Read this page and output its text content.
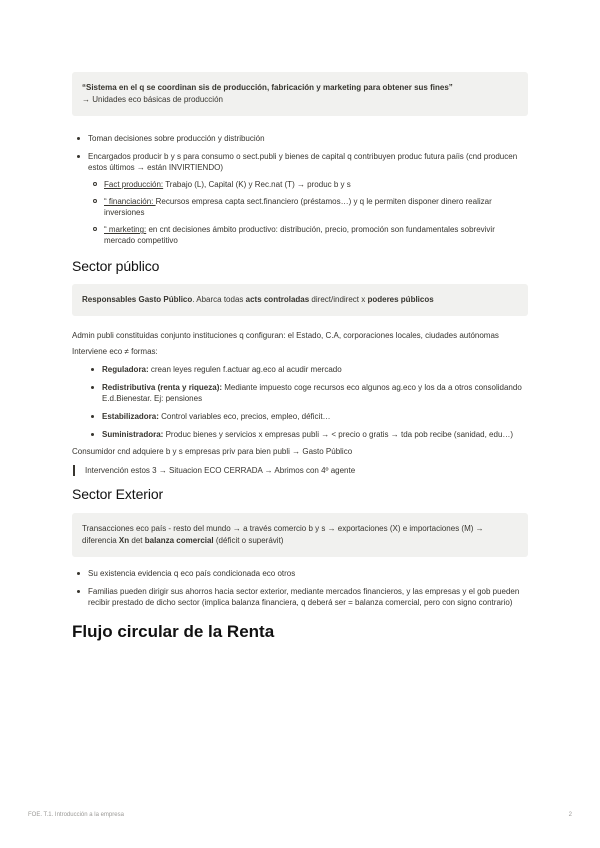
“Sistema en el q se coordinan sis de producción, fabricación y marketing para obtener sus fines”
→ Unidades eco básicas de producción
Toman decisiones sobre producción y distribución
Encargados producir b y s para consumo o sect.publi y bienes de capital q contribuyen produc futura paíis (cnd producen estos últimos → están INVIRTIENDO)
Fact producción: Trabajo (L), Capital (K) y Rec.nat (T) → produc b y s
“ financiación: Recursos empresa capta sect.financiero (préstamos…) y q le permiten disponer dinero realizar inversiones
“ marketing: en cnt decisiones ámbito productivo: distribución, precio, promoción son fundamentales sobrevivir mercado competitivo
Sector público
Responsables Gasto Público. Abarca todas acts controladas direct/indirect x poderes públicos

Admin publi constituidas conjunto instituciones q configuran: el Estado, C.A, corporaciones locales, ciudades autónomas

Interviene eco ≠ formas:

Reguladora: crean leyes regulen f.actuar ag.eco al acudir mercado
Redistributiva (renta y riqueza): Mediante impuesto coge recursos eco algunos ag.eco y los da a otros consolidando E.d.Bienestar. Ej: pensiones
Estabilizadora: Control variables eco, precios, empleo, déficit…
Suministradora: Produc bienes y servicios x empresas publi → < precio o gratis → tda pob recibe (sanidad, edu…)

Consumidor cnd adquiere b y s empresas priv para bien publi → Gasto Público

Intervención estos 3 → Situacion ECO CERRADA → Abrimos con 4º agente
Sector Exterior
Transacciones eco país - resto del mundo → a través comercio b y s → exportaciones (X) e importaciones (M) → diferencia Xn det balanza comercial (déficit o superávit)
Su existencia evidencia q eco país condicionada eco otros
Familias pueden dirigir sus ahorros hacia sector exterior, mediante mercados financieros, y las empresas y el gob pueden recibir prestado de dicho sector (implica balanza financiera, q deberá ser = balanza comercial, pero con signo contrario)
Flujo circular de la Renta
FOE. T.1. Introducción a la empresa	2
